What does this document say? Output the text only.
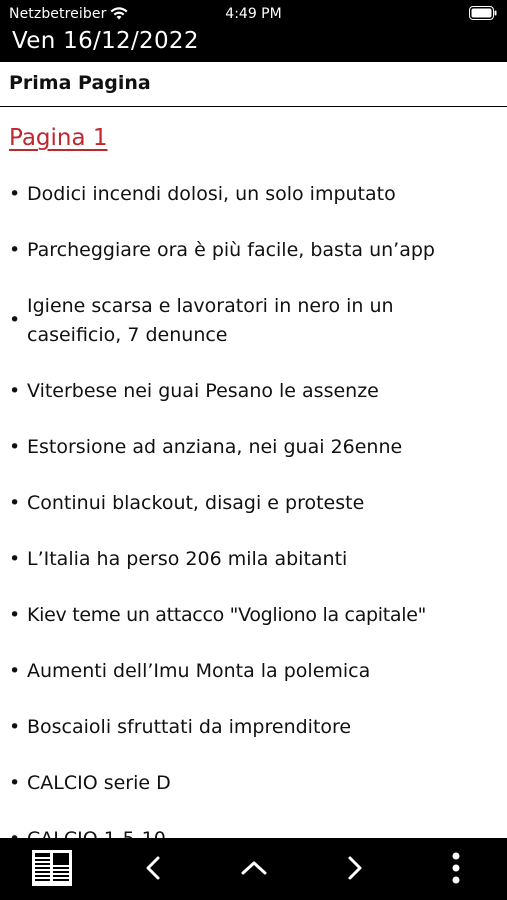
Netzbetreiber	4:49 PM
Ven 16/12/2022
Prima Pagina
Pagina 1
• Dodici incendi dolosi, un solo imputato
• Parcheggiare ora è più facile, basta un’app
•
Igiene scarsa e lavoratori in nero in un caseificio, 7 denunce
• Viterbese nei guai Pesano le assenze
• Estorsione ad anziana, nei guai 26enne
• Continui blackout, disagi e proteste
• L’Italia ha perso 206 mila abitanti
• Kiev teme un attacco "Vogliono la capitale"
• Aumenti dell’Imu Monta la polemica
• Boscaioli sfruttati da imprenditore
• CALCIO serie D
